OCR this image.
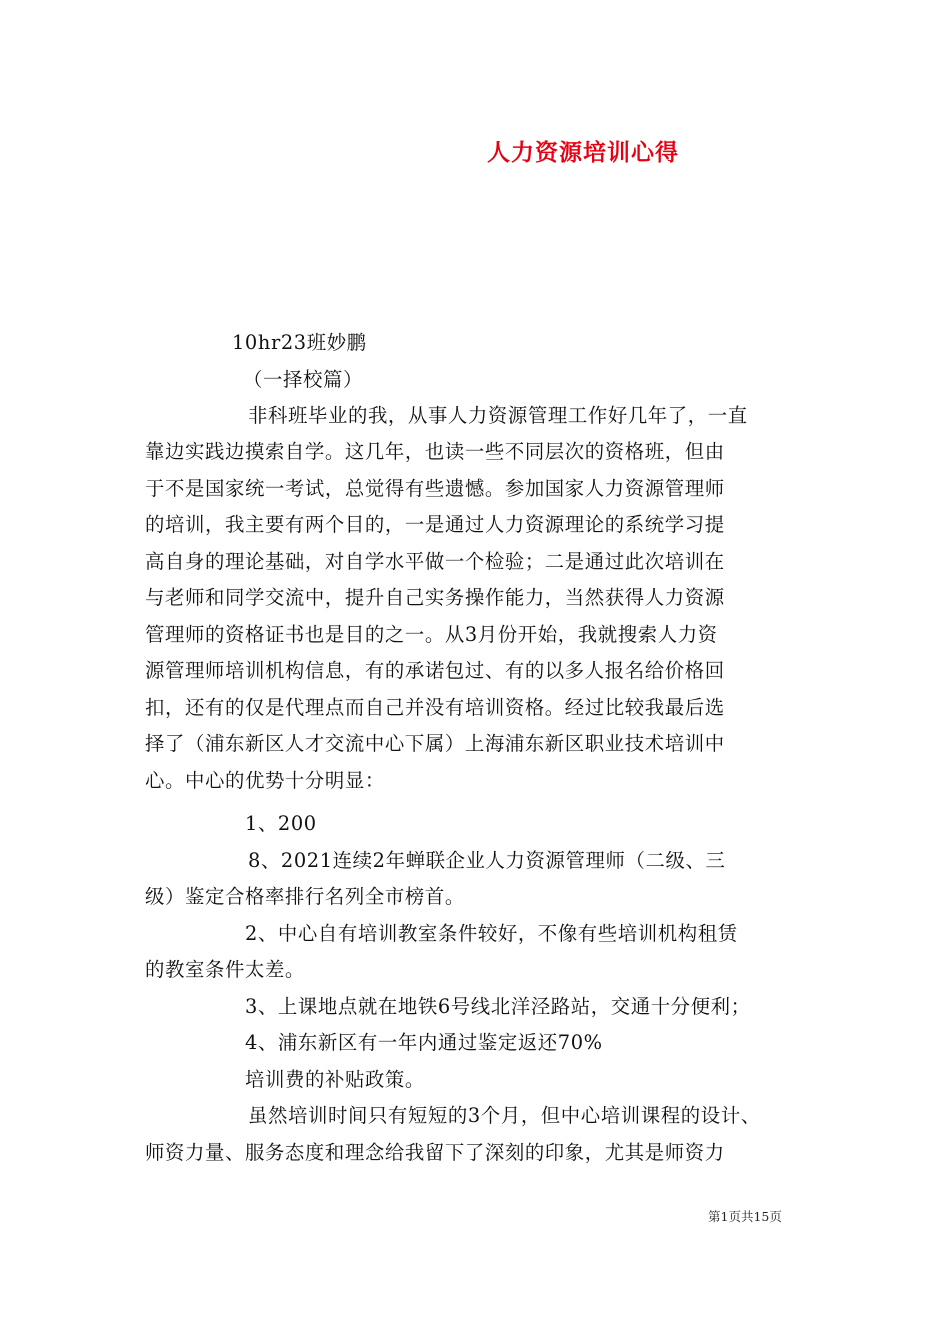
人力资源培训心得
10hr23班妙鹏
（一择校篇）
非科班毕业的我，从事人力资源管理工作好几年了，一直
靠边实践边摸索自学。这几年，也读一些不同层次的资格班，但由
于不是国家统一考试，总觉得有些遗憾。参加国家人力资源管理师
的培训，我主要有两个目的，一是通过人力资源理论的系统学习提
高自身的理论基础，对自学水平做一个检验；二是通过此次培训在
与老师和同学交流中，提升自己实务操作能力，当然获得人力资源
管理师的资格证书也是目的之一。从3月份开始，我就搜索人力资
源管理师培训机构信息，有的承诺包过、有的以多人报名给价格回
扣，还有的仅是代理点而自己并没有培训资格。经过比较我最后选
择了（浦东新区人才交流中心下属）上海浦东新区职业技术培训中
心。中心的优势十分明显：
1、200
8、2021连续2年蝉联企业人力资源管理师（二级、三
级）鉴定合格率排行名列全市榜首。
2、中心自有培训教室条件较好，不像有些培训机构租赁
的教室条件太差。
3、上课地点就在地铁6号线北洋泾路站，交通十分便利；
4、浦东新区有一年内通过鉴定返还70%
培训费的补贴政策。
虽然培训时间只有短短的3个月，但中心培训课程的设计、
师资力量、服务态度和理念给我留下了深刻的印象，尤其是师资力
第1页共15页
